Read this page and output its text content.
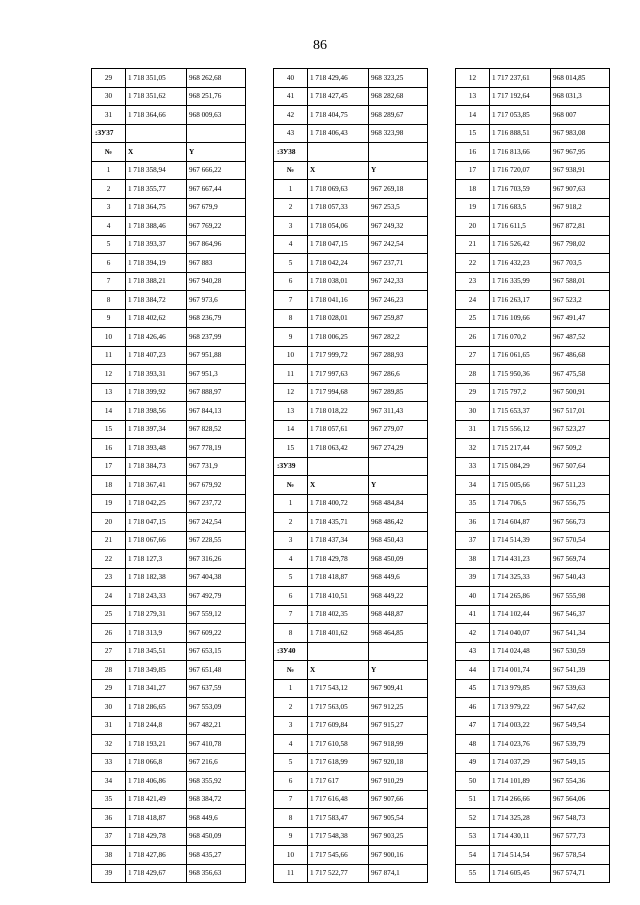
86
29	1 718 351,05	968 262,68
30	1 718 351,62	968 251,76
31	1 718 364,66	968 009,63
:ЗУ37		
№	X	Y
1	1 718 358,94	967 666,22
2	1 718 355,77	967 667,44
3	1 718 364,75	967 679,9
4	1 718 388,46	967 769,22
5	1 718 393,37	967 864,96
6	1 718 394,19	967 883
7	1 718 388,21	967 940,28
8	1 718 384,72	967 973,6
9	1 718 402,62	968 236,79
10	1 718 426,46	968 237,99
11	1 718 407,23	967 951,88
12	1 718 393,31	967 951,3
13	1 718 399,92	967 888,97
14	1 718 398,56	967 844,13
15	1 718 397,34	967 828,52
16	1 718 393,48	967 778,19
17	1 718 384,73	967 731,9
18	1 718 367,41	967 679,92
19	1 718 042,25	967 237,72
20	1 718 047,15	967 242,54
21	1 718 067,66	967 228,55
22	1 718 127,3	967 316,26
23	1 718 182,38	967 404,38
24	1 718 243,33	967 492,79
25	1 718 279,31	967 559,12
26	1 718 313,9	967 609,22
27	1 718 345,51	967 653,15
28	1 718 349,85	967 651,48
29	1 718 341,27	967 637,59
30	1 718 286,65	967 553,09
31	1 718 244,8	967 482,21
32	1 718 193,21	967 410,78
33	1 718 066,8	967 216,6
34	1 718 406,86	968 355,92
35	1 718 421,49	968 384,72
36	1 718 418,87	968 449,6
37	1 718 429,78	968 450,09
38	1 718 427,86	968 435,27
39	1 718 429,67	968 356,63
40	1 718 429,46	968 323,25
41	1 718 427,45	968 282,68
42	1 718 404,75	968 289,67
43	1 718 406,43	968 323,98
:ЗУ38		
№	X	Y
1	1 718 069,63	967 269,18
2	1 718 057,33	967 253,5
3	1 718 054,06	967 249,32
4	1 718 047,15	967 242,54
5	1 718 042,24	967 237,71
6	1 718 038,01	967 242,33
7	1 718 041,16	967 246,23
8	1 718 028,01	967 259,87
9	1 718 006,25	967 282,2
10	1 717 999,72	967 288,93
11	1 717 997,63	967 286,6
12	1 717 994,68	967 289,85
13	1 718 018,22	967 311,43
14	1 718 057,61	967 279,07
15	1 718 063,42	967 274,29
:ЗУ39		
№	X	Y
1	1 718 400,72	968 484,84
2	1 718 435,71	968 486,42
3	1 718 437,34	968 450,43
4	1 718 429,78	968 450,09
5	1 718 418,87	968 449,6
6	1 718 410,51	968 449,22
7	1 718 402,35	968 448,87
8	1 718 401,62	968 464,85
:ЗУ40		
№	X	Y
1	1 717 543,12	967 909,41
2	1 717 563,05	967 912,25
3	1 717 609,84	967 915,27
4	1 717 610,58	967 918,99
5	1 717 618,99	967 920,18
6	1 717 617	967 910,29
7	1 717 616,48	967 907,66
8	1 717 583,47	967 905,54
9	1 717 548,38	967 903,25
10	1 717 545,66	967 900,16
11	1 717 522,77	967 874,1
12	1 717 237,61	968 014,85
13	1 717 192,64	968 031,3
14	1 717 053,85	968 007
15	1 716 888,51	967 983,08
16	1 716 813,66	967 967,95
17	1 716 720,07	967 938,91
18	1 716 703,59	967 907,63
19	1 716 683,5	967 918,2
20	1 716 611,5	967 872,81
21	1 716 526,42	967 798,02
22	1 716 432,23	967 703,5
23	1 716 335,99	967 588,01
24	1 716 263,17	967 523,2
25	1 716 109,66	967 491,47
26	1 716 070,2	967 487,52
27	1 716 061,65	967 486,68
28	1 715 950,36	967 475,58
29	1 715 797,2	967 500,91
30	1 715 653,37	967 517,01
31	1 715 556,12	967 523,27
32	1 715 217,44	967 509,2
33	1 715 084,29	967 507,64
34	1 715 005,66	967 511,23
35	1 714 706,5	967 556,75
36	1 714 604,87	967 566,73
37	1 714 514,39	967 570,54
38	1 714 431,23	967 569,74
39	1 714 325,33	967 540,43
40	1 714 265,86	967 555,98
41	1 714 102,44	967 546,37
42	1 714 040,07	967 541,34
43	1 714 024,48	967 530,59
44	1 714 001,74	967 541,39
45	1 713 979,85	967 539,63
46	1 713 979,22	967 547,62
47	1 714 003,22	967 549,54
48	1 714 023,76	967 539,79
49	1 714 037,29	967 549,15
50	1 714 101,89	967 554,36
51	1 714 266,66	967 564,06
52	1 714 325,28	967 548,73
53	1 714 430,11	967 577,73
54	1 714 514,54	967 578,54
55	1 714 605,45	967 574,71
